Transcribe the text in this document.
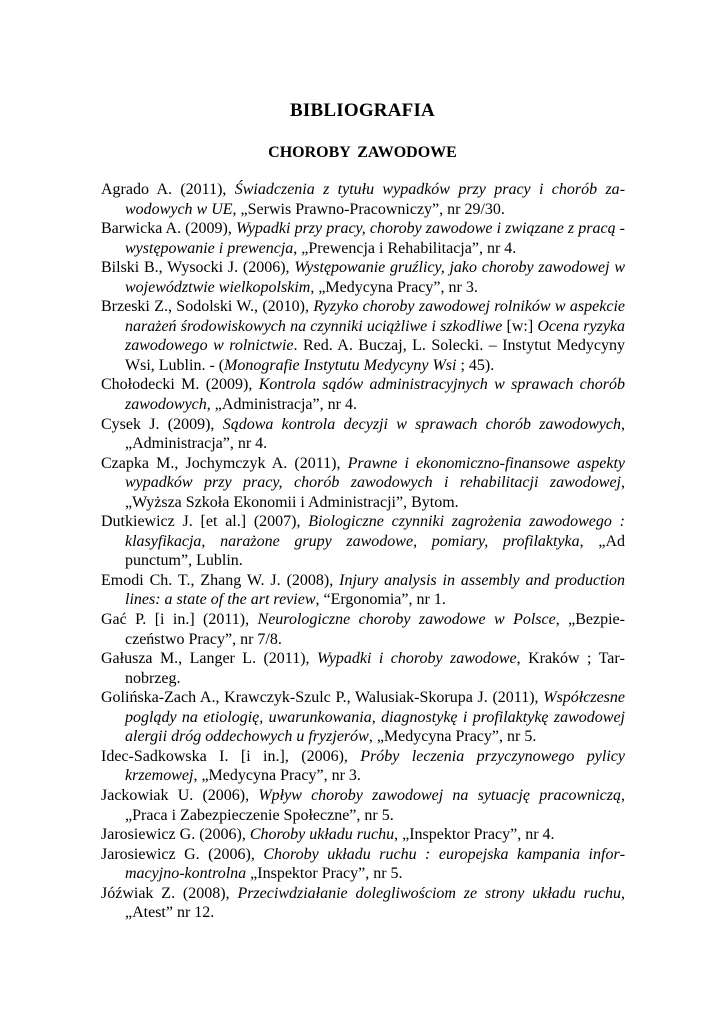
BIBLIOGRAFIA
CHOROBY ZAWODOWE

Agrado A. (2011), Świadczenia z tytułu wypadków przy pracy i chorób zawodowych w UE, „Serwis Prawno-Pracowniczy”, nr 29/30.

Barwicka A. (2009), Wypadki przy pracy, choroby zawodowe i związane z pracą - występowanie i prewencja, „Prewencja i Rehabilitacja”, nr 4.

Bilski B., Wysocki J. (2006), Występowanie gruźlicy, jako choroby zawodowej w województwie wielkopolskim, „Medycyna Pracy”, nr 3.

Brzeski Z., Sodolski W., (2010), Ryzyko choroby zawodowej rolników w aspekcie narażeń środowiskowych na czynniki uciążliwe i szkodliwe [w:] Ocena ryzyka zawodowego w rolnictwie. Red. A. Buczaj, L. Solecki. – Instytut Medycyny Wsi, Lublin. - (Monografie Instytutu Medycyny Wsi ; 45).

Chołodecki M. (2009), Kontrola sądów administracyjnych w sprawach chorób zawodowych, „Administracja”, nr 4.

Cysek J. (2009), Sądowa kontrola decyzji w sprawach chorób zawodowych, „Administracja”, nr 4.

Czapka M., Jochymczyk A. (2011), Prawne i ekonomiczno-finansowe aspekty wypadków przy pracy, chorób zawodowych i rehabilitacji zawodowej, „Wyższa Szkoła Ekonomii i Administracji”, Bytom.

Dutkiewicz J. [et al.] (2007), Biologiczne czynniki zagrożenia zawodowego : klasyfikacja, narażone grupy zawodowe, pomiary, profilaktyka, „Ad punctum”, Lublin.

Emodi Ch. T., Zhang W. J. (2008), Injury analysis in assembly and production lines: a state of the art review, “Ergonomia”, nr 1.

Gać P. [i in.] (2011), Neurologiczne choroby zawodowe w Polsce, „Bezpieczeństwo Pracy”, nr 7/8.

Gałusza M., Langer L. (2011), Wypadki i choroby zawodowe, Kraków ; Tarnobrzeg.

Golińska-Zach A., Krawczyk-Szulc P., Walusiak-Skorupa J. (2011), Współczesne poglądy na etiologię, uwarunkowania, diagnostykę i profilaktykę zawodowej alergii dróg oddechowych u fryzjerów, „Medycyna Pracy”, nr 5.

Idec-Sadkowska I. [i in.], (2006), Próby leczenia przyczynowego pylicy krzemowej, „Medycyna Pracy”, nr 3.

Jackowiak U. (2006), Wpływ choroby zawodowej na sytuację pracowniczą, „Praca i Zabezpieczenie Społeczne”, nr 5.

Jarosiewicz G. (2006), Choroby układu ruchu, „Inspektor Pracy”, nr 4.

Jarosiewicz G. (2006), Choroby układu ruchu : europejska kampania informacyjno-kontrolna „Inspektor Pracy”, nr 5.

Jóźwiak Z. (2008), Przeciwdziałanie dolegliwościom ze strony układu ruchu, „Atest” nr 12.
